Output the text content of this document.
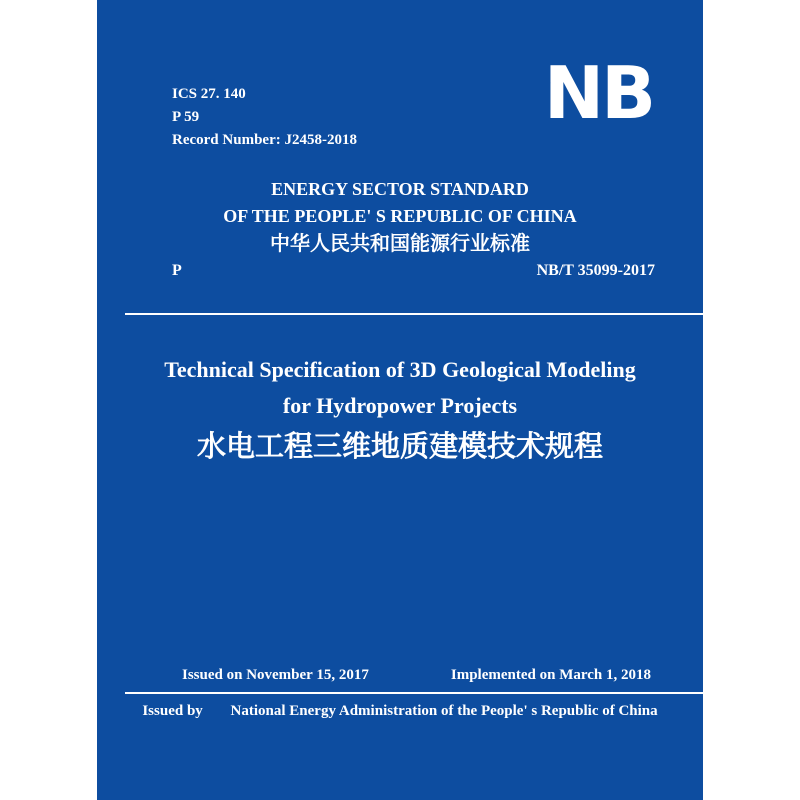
ICS 27. 140
P 59
Record Number: J2458-2018
NB
ENERGY SECTOR STANDARD
OF THE PEOPLE' S REPUBLIC OF CHINA
中华人民共和国能源行业标准
P	NB/T 35099-2017
Technical Specification of 3D Geological Modeling
for Hydropower Projects
水电工程三维地质建模技术规程
Issued on November 15, 2017	Implemented on March 1, 2018
Issued by National Energy Administration of the People' s Republic of China
